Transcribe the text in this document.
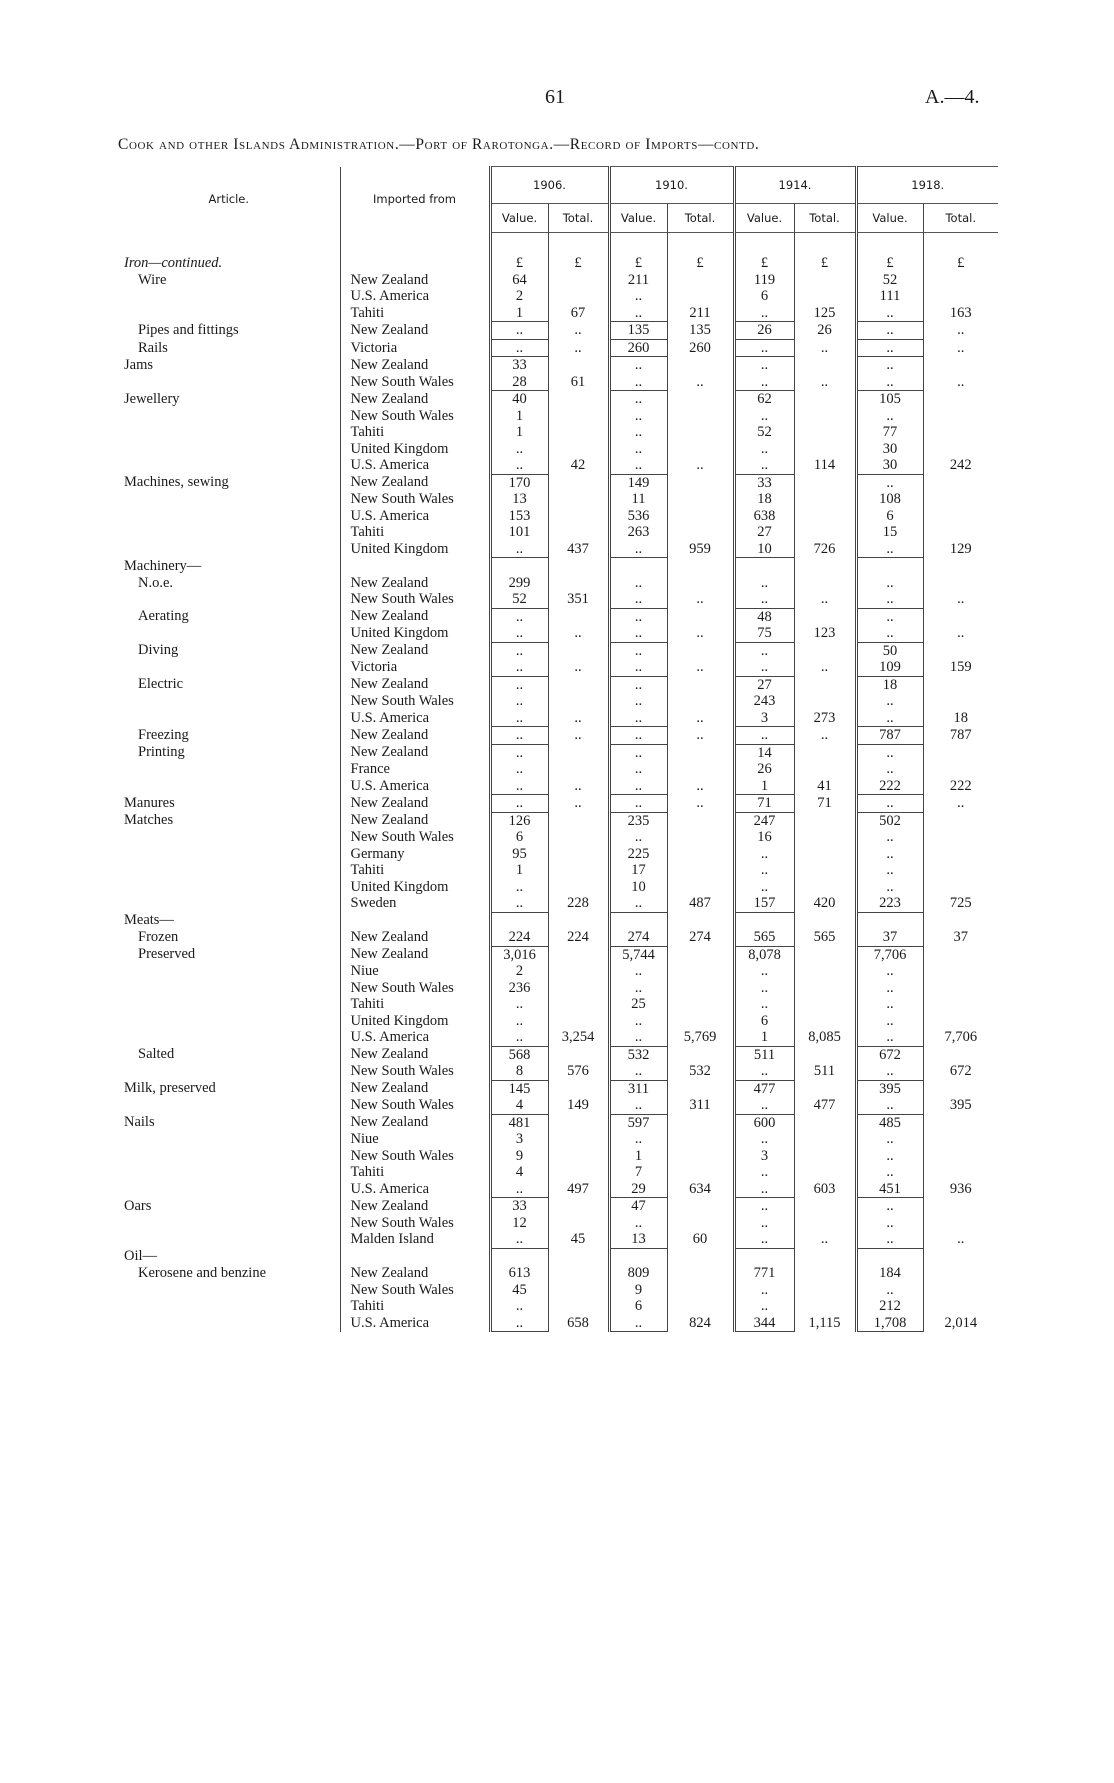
61	A.—4.
Cook and other Islands Administration.—Port of Rarotonga.—Record of Imports—contd.
Article.	Imported from	1906.		1910.		1914.		1918.	
		Value.	Total.	Value.	Total.	Value.	Total.	Value.	Total.

Iron—continued.		£	£	£	£	£	£	£	£
Wire	New Zealand	64		211		119		52	
	U.S. America	2		..		6		111	
	Tahiti	1	67	..	211	..	125	..	163
Pipes and fittings	New Zealand	..	..	135	135	26	26	..	..
Rails	Victoria	..	..	260	260	..	..	..	..
Jams	New Zealand	33		..		..		..	
	New South Wales	28	61	..	..	..	..	..	..
Jewellery	New Zealand	40		..		62		105	
	New South Wales	1		..		..		..	
	Tahiti	1		..		52		77	
	United Kingdom	..		..		..		30	
	U.S. America	..	42	..	..	..	114	30	242
Machines, sewing	New Zealand	170		149		33		..	
	New South Wales	13		11		18		108	
	U.S. America	153		536		638		6	
	Tahiti	101		263		27		15	
	United Kingdom	..	437	..	959	10	726	..	129
Machinery—									
N.o.e.	New Zealand	299		..		..		..	
	New South Wales	52	351	..	..	..	..	..	..
Aerating	New Zealand	..		..		48		..	
	United Kingdom	..	..	..	..	75	123	..	..
Diving	New Zealand	..		..		..		50	
	Victoria	..	..	..	..	..	..	109	159
Electric	New Zealand	..		..		27		18	
	New South Wales	..		..		243		..	
	U.S. America	..	..	..	..	3	273	..	18
Freezing	New Zealand	..	..	..	..	..	..	787	787
Printing	New Zealand	..		..		14		..	
	France	..		..		26		..	
	U.S. America	..	..	..	..	1	41	222	222
Manures	New Zealand	..	..	..	..	71	71	..	..
Matches	New Zealand	126		235		247		502	
	New South Wales	6		..		16		..	
	Germany	95		225		..		..	
	Tahiti	1		17		..		..	
	United Kingdom	..		10		..		..	
	Sweden	..	228	..	487	157	420	223	725
Meats—									
Frozen	New Zealand	224	224	274	274	565	565	37	37
Preserved	New Zealand	3,016		5,744		8,078		7,706	
	Niue	2		..		..		..	
	New South Wales	236		..		..		..	
	Tahiti	..		25		..		..	
	United Kingdom	..		..		6		..	
	U.S. America	..	3,254	..	5,769	1	8,085	..	7,706
Salted	New Zealand	568		532		511		672	
	New South Wales	8	576	..	532	..	511	..	672
Milk, preserved	New Zealand	145		311		477		395	
	New South Wales	4	149	..	311	..	477	..	395
Nails	New Zealand	481		597		600		485	
	Niue	3		..		..		..	
	New South Wales	9		1		3		..	
	Tahiti	4		7		..		..	
	U.S. America	..	497	29	634	..	603	451	936
Oars	New Zealand	33		47		..		..	
	New South Wales	12		..		..		..	
	Malden Island	..	45	13	60	..	..	..	..
Oil—									
Kerosene and benzine	New Zealand	613		809		771		184	
	New South Wales	45		9		..		..	
	Tahiti	..		6		..		212	
	U.S. America	..	658	..	824	344	1,115	1,708	2,014
